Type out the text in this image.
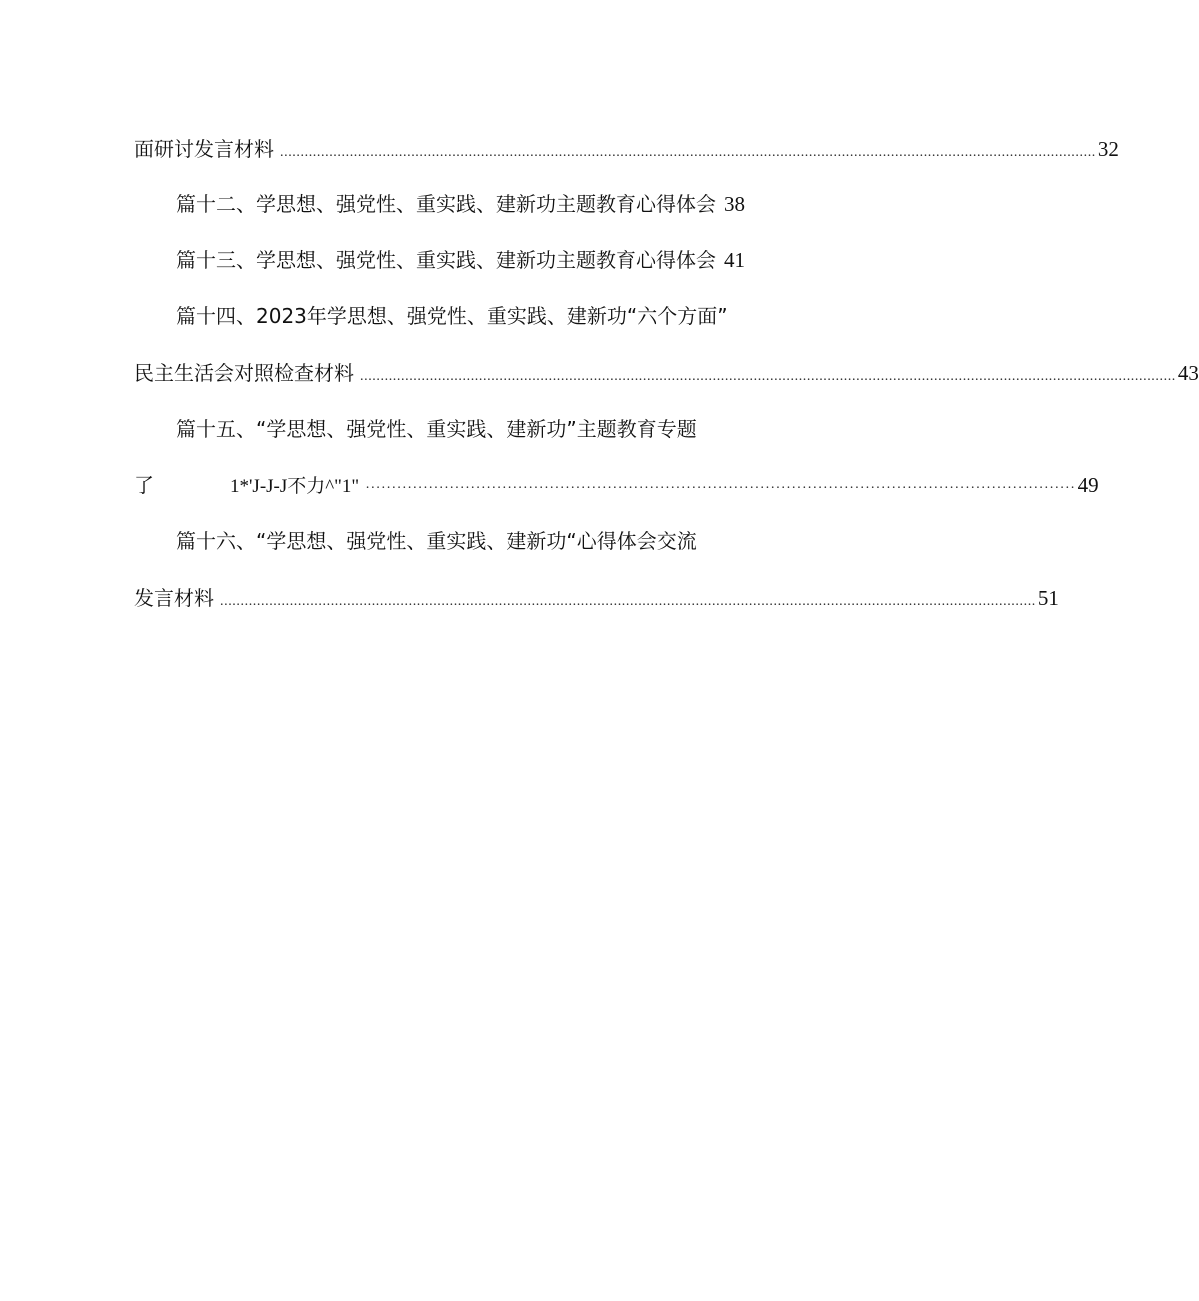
面研讨发言材料 ....................................................................................................................................................................................................... 32
篇十二、学思想、强党性、重实践、建新功主题教育心得体会 38
篇十三、学思想、强党性、重实践、建新功主题教育心得体会 41
篇十四、2023年学思想、强党性、重实践、建新功“六个方面”
民主生活会对照检查材料 ....................................................................................................................................................................................................... 43
篇十五、“学思想、强党性、重实践、建新功”主题教育专题
了	1*'J-J-J不力^"1" ······································································································································· 49
篇十六、“学思想、强党性、重实践、建新功“心得体会交流
发言材料 ....................................................................................................................................................................................................... 51
